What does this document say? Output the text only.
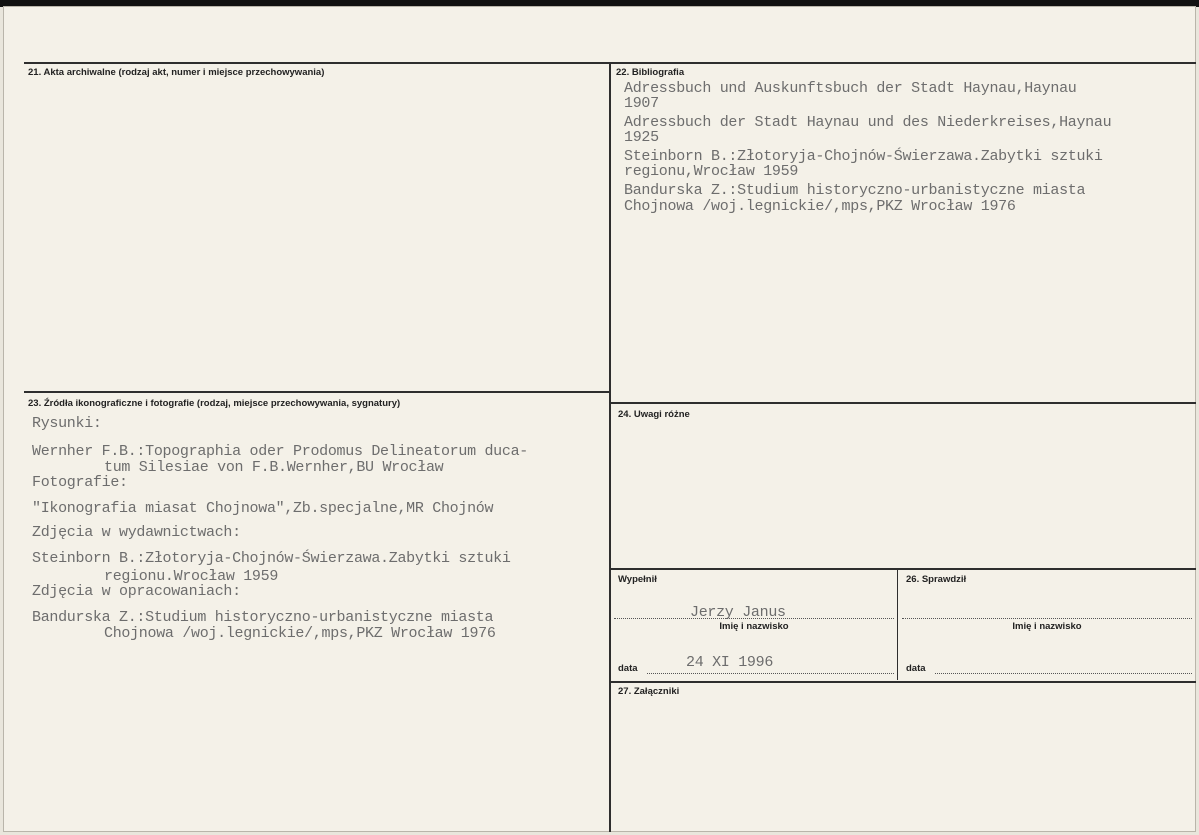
21. Akta archiwalne (rodzaj akt, numer i miejsce przechowywania)	22. Bibliografia
23. Źródła ikonograficzne i fotografie (rodzaj, miejsce przechowywania, sygnatury)
24. Uwagi różne
Wypełnił	26. Sprawdził
27. Załączniki
Adressbuch und Auskunftsbuch der Stadt Haynau,Haynau
1907
Adressbuch der Stadt Haynau und des Niederkreises,Haynau
1925
Steinborn B.:Złotoryja-Chojnów-Świerzawa.Zabytki sztuki
regionu,Wrocław 1959
Bandurska Z.:Studium historyczno-urbanistyczne miasta
Chojnowa /woj.legnickie/,mps,PKZ Wrocław 1976
Rysunki:
Wernher F.B.:Topographia oder Prodomus Delineatorum duca-
tum Silesiae von F.B.Wernher,BU Wrocław
Fotografie:
"Ikonografia miasat Chojnowa",Zb.specjalne,MR Chojnów
Zdjęcia w wydawnictwach:
Steinborn B.:Złotoryja-Chojnów-Świerzawa.Zabytki sztuki
regionu.Wrocław 1959
Zdjęcia w opracowaniach:
Bandurska Z.:Studium historyczno-urbanistyczne miasta
Chojnowa /woj.legnickie/,mps,PKZ Wrocław 1976
Jerzy Janus
Imię i nazwisko
data	24 XI 1996
Imię i nazwisko
data
